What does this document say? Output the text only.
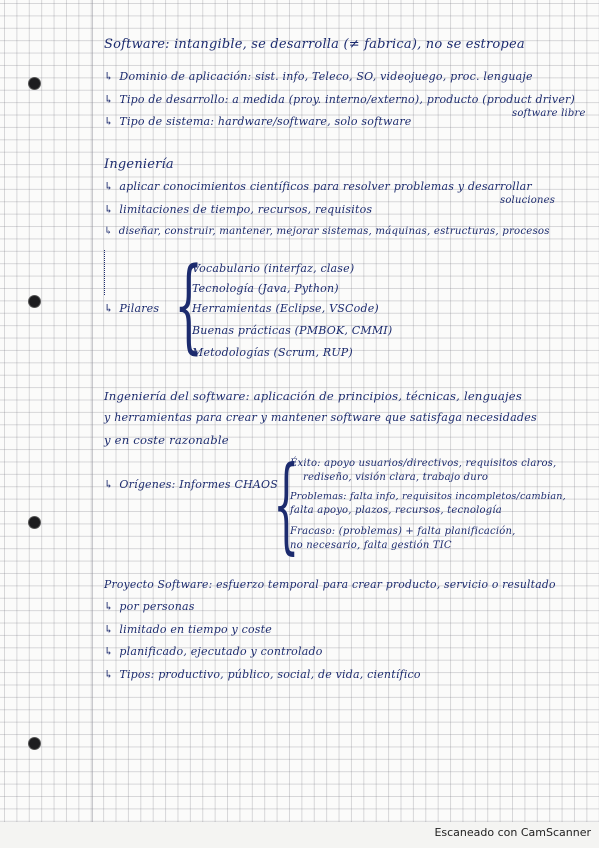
Software: intangible, se desarrolla (≠ fabrica), no se estropea
↳ Dominio de aplicación: sist. info, Teleco, SO, videojuego, proc. lenguaje
↳ Tipo de desarrollo: a medida (proy. interno/externo), producto (product driver)
software libre
↳ Tipo de sistema: hardware/software, solo software
Ingeniería
↳ aplicar conocimientos científicos para resolver problemas y desarrollar
soluciones
↳ limitaciones de tiempo, recursos, requisitos
↳ diseñar, construir, mantener, mejorar sistemas, máquinas, estructuras, procesos
↳ Pilares {
Vocabulario (interfaz, clase)
Tecnología (Java, Python)
Herramientas (Eclipse, VSCode)
Buenas prácticas (PMBOK, CMMI)
Metodologías (Scrum, RUP)
Ingeniería del software: aplicación de principios, técnicas, lenguajes
y herramientas para crear y mantener software que satisfaga necesidades
y en coste razonable
↳ Orígenes: Informes CHAOS
{
Éxito: apoyo usuarios/directivos, requisitos claros,
rediseño, visión clara, trabajo duro
Problemas: falta info, requisitos incompletos/cambian,
falta apoyo, plazos, recursos, tecnología
Fracaso: (problemas) + falta planificación,
no necesario, falta gestión TIC
Proyecto Software: esfuerzo temporal para crear producto, servicio o resultado
↳ por personas
↳ limitado en tiempo y coste
↳ planificado, ejecutado y controlado
↳ Tipos: productivo, público, social, de vida, científico
Escaneado con CamScanner
